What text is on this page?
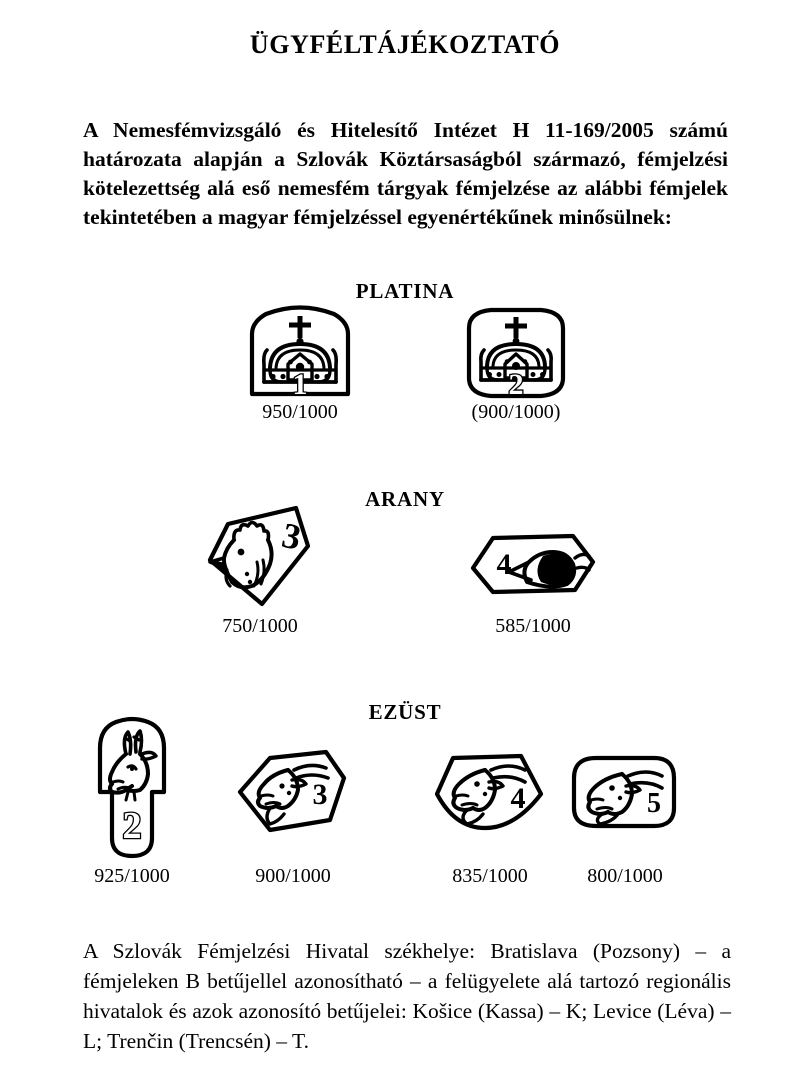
ÜGYFÉLTÁJÉKOZTATÓ
A Nemesfémvizsgáló és Hitelesítő Intézet H 11-169/2005 számú határozata alapján a Szlovák Köztársaságból származó, fémjelzési kötelezettség alá eső nemesfém tárgyak fémjelzése az alábbi fémjelek tekintetében a magyar fémjelzéssel egyenértékűnek minősülnek:
PLATINA
1
950/1000
2
(900/1000)
ARANY
3
750/1000
4
585/1000
EZÜST
2
925/1000
3
900/1000
4
835/1000
5
800/1000
A Szlovák Fémjelzési Hivatal székhelye: Bratislava (Pozsony) – a fémjeleken B betűjellel azonosítható – a felügyelete alá tartozó regionális hivatalok és azok azonosító betűjelei: Košice (Kassa) – K; Levice (Léva) – L; Trenčin (Trencsén) – T.
